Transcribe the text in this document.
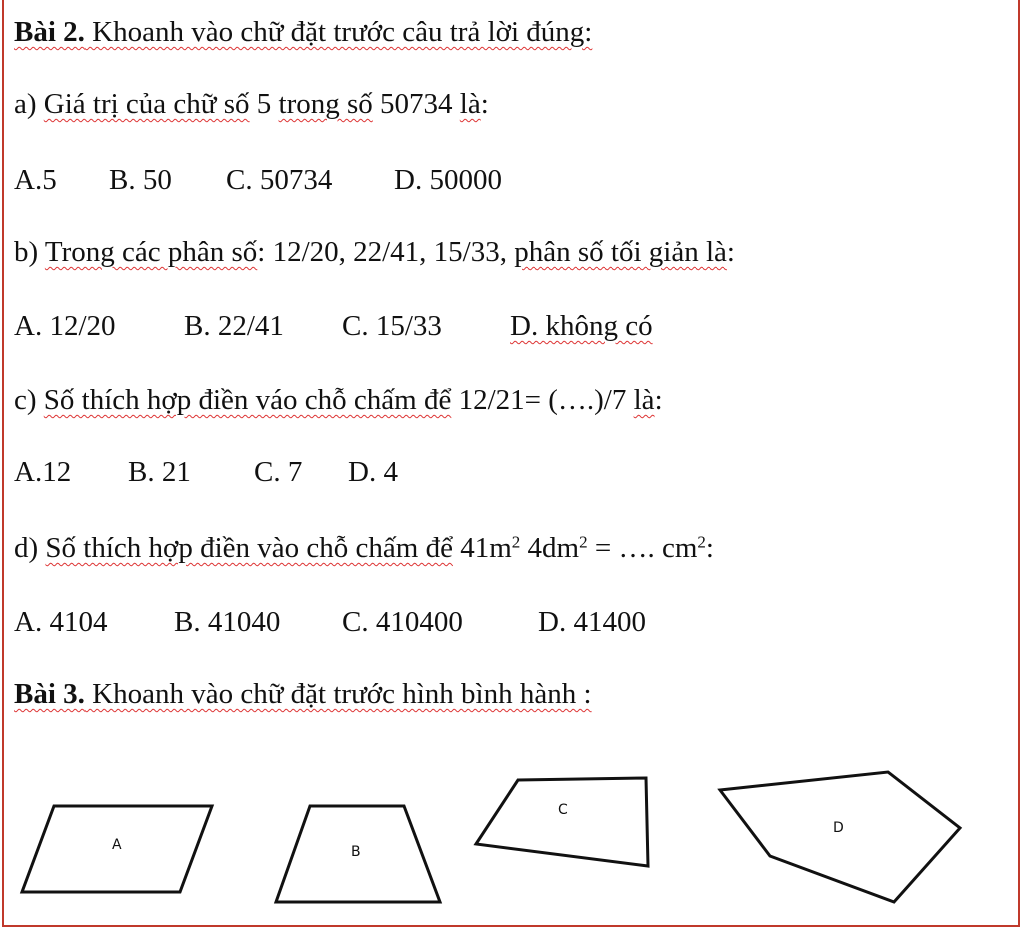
Bài 2. Khoanh vào chữ đặt trước câu trả lời đúng:
a) Giá trị của chữ số 5 trong số 50734 là:
A.5 B. 50 C. 50734 D. 50000
b) Trong các phân số: 12/20, 22/41, 15/33, phân số tối giản là:
A. 12/20 B. 22/41 C. 15/33 D. không có
c) Số thích hợp điền váo chỗ chấm để 12/21= (….)/7 là:
A.12 B. 21 C. 7 D. 4
d) Số thích hợp điền vào chỗ chấm để $41m^2$ $4dm^2$ = …. $cm^2$:
A. 4104 B. 41040 C. 410400	D. 41400
Bài 3. Khoanh vào chữ đặt trước hình bình hành :
A	B
C
D
